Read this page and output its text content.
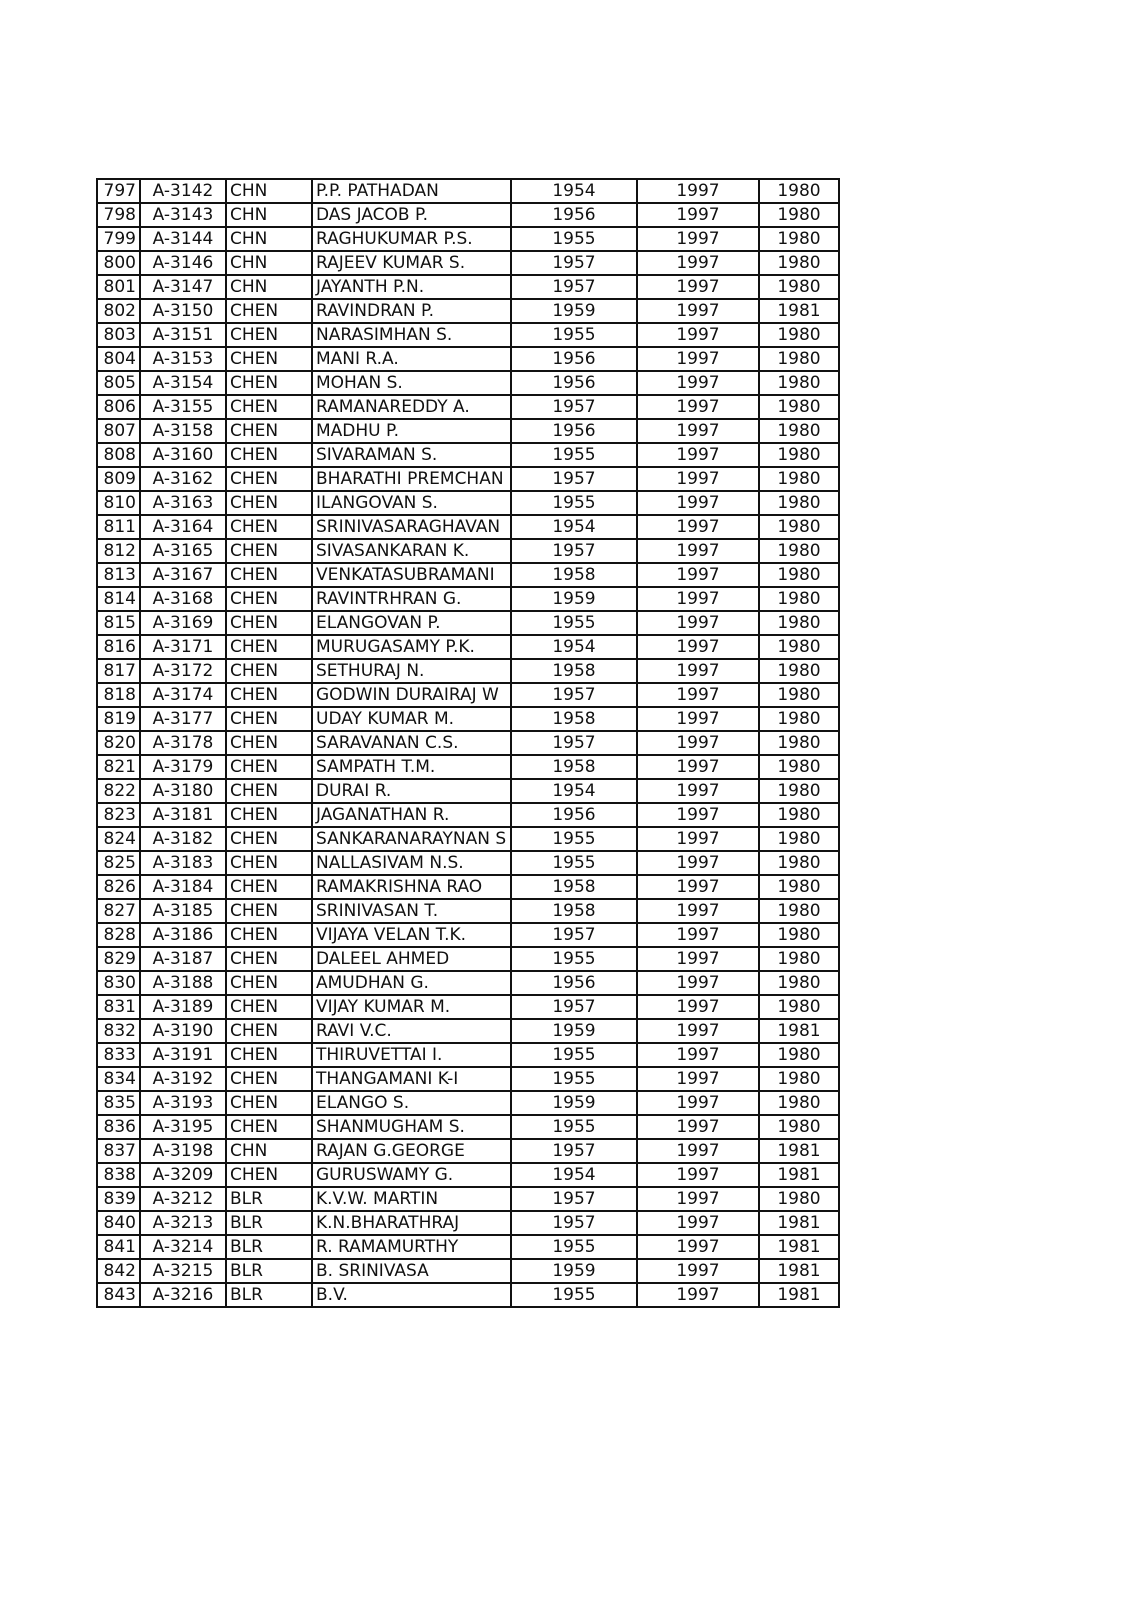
797	A-3142	CHN	P.P. PATHADAN	1954	1997	1980
798	A-3143	CHN	DAS JACOB P.	1956	1997	1980
799	A-3144	CHN	RAGHUKUMAR P.S.	1955	1997	1980
800	A-3146	CHN	RAJEEV KUMAR S.	1957	1997	1980
801	A-3147	CHN	JAYANTH P.N.	1957	1997	1980
802	A-3150	CHEN	RAVINDRAN P.	1959	1997	1981
803	A-3151	CHEN	NARASIMHAN S.	1955	1997	1980
804	A-3153	CHEN	MANI R.A.	1956	1997	1980
805	A-3154	CHEN	MOHAN S.	1956	1997	1980
806	A-3155	CHEN	RAMANAREDDY A.	1957	1997	1980
807	A-3158	CHEN	MADHU P.	1956	1997	1980
808	A-3160	CHEN	SIVARAMAN S.	1955	1997	1980
809	A-3162	CHEN	BHARATHI PREMCHAN	1957	1997	1980
810	A-3163	CHEN	ILANGOVAN S.	1955	1997	1980
811	A-3164	CHEN	SRINIVASARAGHAVAN	1954	1997	1980
812	A-3165	CHEN	SIVASANKARAN K.	1957	1997	1980
813	A-3167	CHEN	VENKATASUBRAMANI	1958	1997	1980
814	A-3168	CHEN	RAVINTRHRAN G.	1959	1997	1980
815	A-3169	CHEN	ELANGOVAN P.	1955	1997	1980
816	A-3171	CHEN	MURUGASAMY P.K.	1954	1997	1980
817	A-3172	CHEN	SETHURAJ N.	1958	1997	1980
818	A-3174	CHEN	GODWIN DURAIRAJ W	1957	1997	1980
819	A-3177	CHEN	UDAY KUMAR M.	1958	1997	1980
820	A-3178	CHEN	SARAVANAN C.S.	1957	1997	1980
821	A-3179	CHEN	SAMPATH T.M.	1958	1997	1980
822	A-3180	CHEN	DURAI R.	1954	1997	1980
823	A-3181	CHEN	JAGANATHAN R.	1956	1997	1980
824	A-3182	CHEN	SANKARANARAYNAN S	1955	1997	1980
825	A-3183	CHEN	NALLASIVAM N.S.	1955	1997	1980
826	A-3184	CHEN	RAMAKRISHNA RAO	1958	1997	1980
827	A-3185	CHEN	SRINIVASAN T.	1958	1997	1980
828	A-3186	CHEN	VIJAYA VELAN T.K.	1957	1997	1980
829	A-3187	CHEN	DALEEL AHMED	1955	1997	1980
830	A-3188	CHEN	AMUDHAN G.	1956	1997	1980
831	A-3189	CHEN	VIJAY KUMAR M.	1957	1997	1980
832	A-3190	CHEN	RAVI V.C.	1959	1997	1981
833	A-3191	CHEN	THIRUVETTAI I.	1955	1997	1980
834	A-3192	CHEN	THANGAMANI K-I	1955	1997	1980
835	A-3193	CHEN	ELANGO S.	1959	1997	1980
836	A-3195	CHEN	SHANMUGHAM S.	1955	1997	1980
837	A-3198	CHN	RAJAN G.GEORGE	1957	1997	1981
838	A-3209	CHEN	GURUSWAMY G.	1954	1997	1981
839	A-3212	BLR	K.V.W. MARTIN	1957	1997	1980
840	A-3213	BLR	K.N.BHARATHRAJ	1957	1997	1981
841	A-3214	BLR	R. RAMAMURTHY	1955	1997	1981
842	A-3215	BLR	B. SRINIVASA	1959	1997	1981
843	A-3216	BLR	B.V.	1955	1997	1981
